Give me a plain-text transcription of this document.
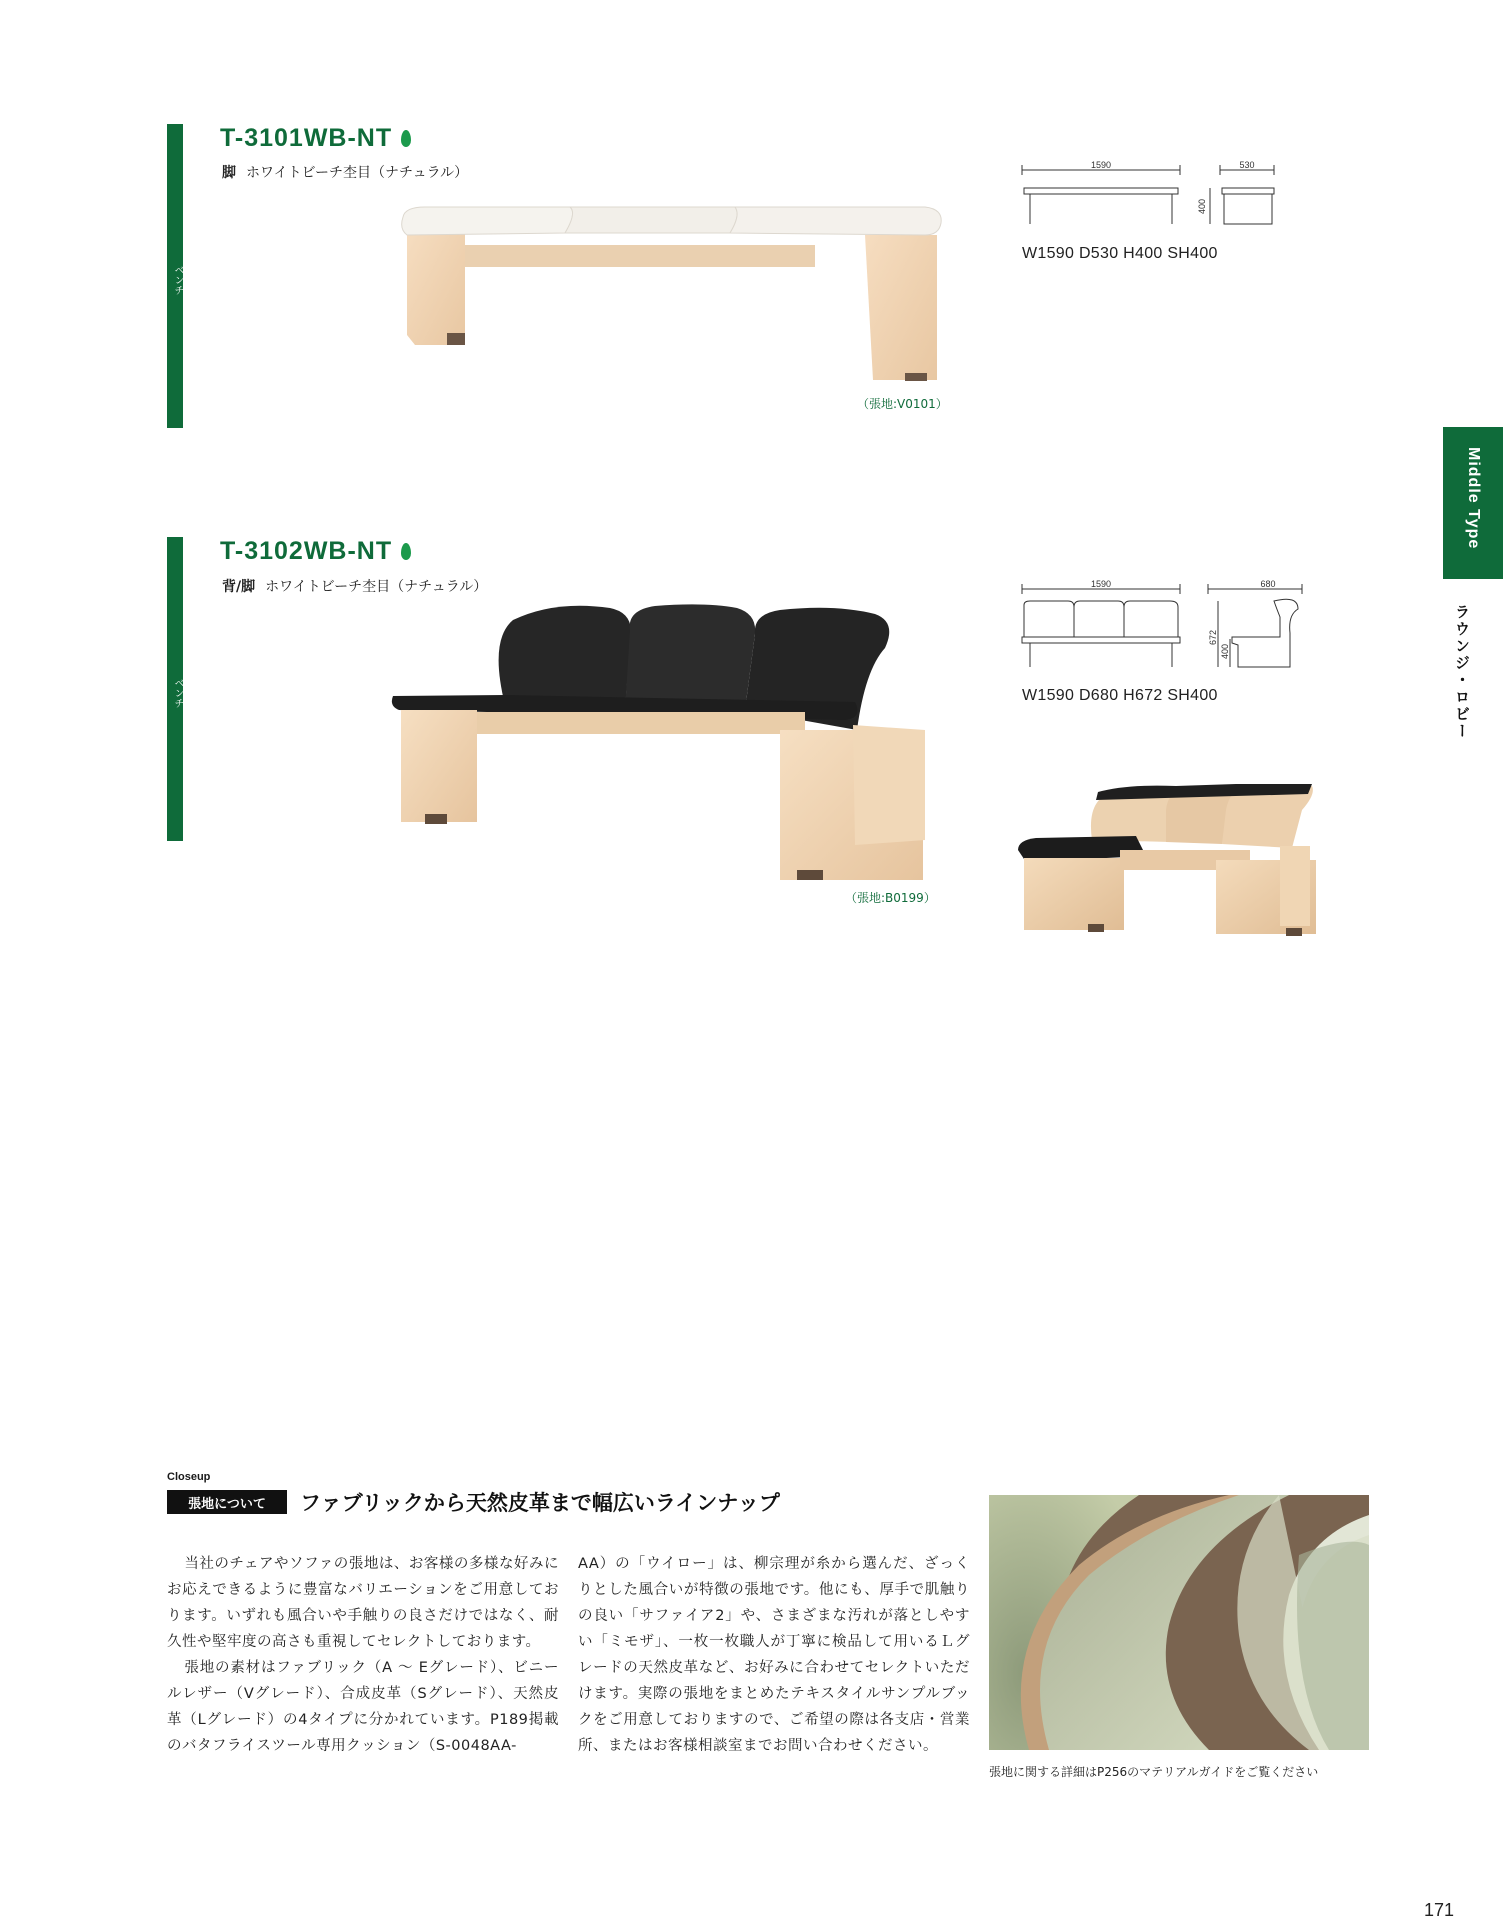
ベンチ
T-3101WB-NT
脚 ホワイトビーチ杢目（ナチュラル）
（張地:V0101）
1590	530
400
W1590 D530 H400 SH400
ベンチ
T-3102WB-NT
背/脚 ホワイトビーチ杢目（ナチュラル）
（張地:B0199）
1590	680
672
400
W1590 D680 H672 SH400
Middle Type
ラウンジ・ロビー
Closeup
張地について	ファブリックから天然皮革まで幅広いラインナップ

当社のチェアやソファの張地は、お客様の多様な好みにお応えできるように豊富なバリエーションをご用意しております。いずれも風合いや手触りの良さだけではなく、耐久性や堅牢度の高さも重視してセレクトしております。

張地の素材はファブリック（A 〜 Eグレード）、ビニールレザー（Vグレード）、合成皮革（Sグレード）、天然皮革（Lグレード）の4タイプに分かれています。P189掲載のバタフライスツール専用クッション（S-0048AA-

AA）の「ウイロー」は、柳宗理が糸から選んだ、ざっくりとした風合いが特徴の張地です。他にも、厚手で肌触りの良い「サファイア2」や、さまざまな汚れが落としやすい「ミモザ」、一枚一枚職人が丁寧に検品して用いるＬグレードの天然皮革など、お好みに合わせてセレクトいただけます。実際の張地をまとめたテキスタイルサンプルブックをご用意しておりますので、ご希望の際は各支店・営業所、またはお客様相談室までお問い合わせください。

張地に関する詳細はP256のマテリアルガイドをご覧ください
171
